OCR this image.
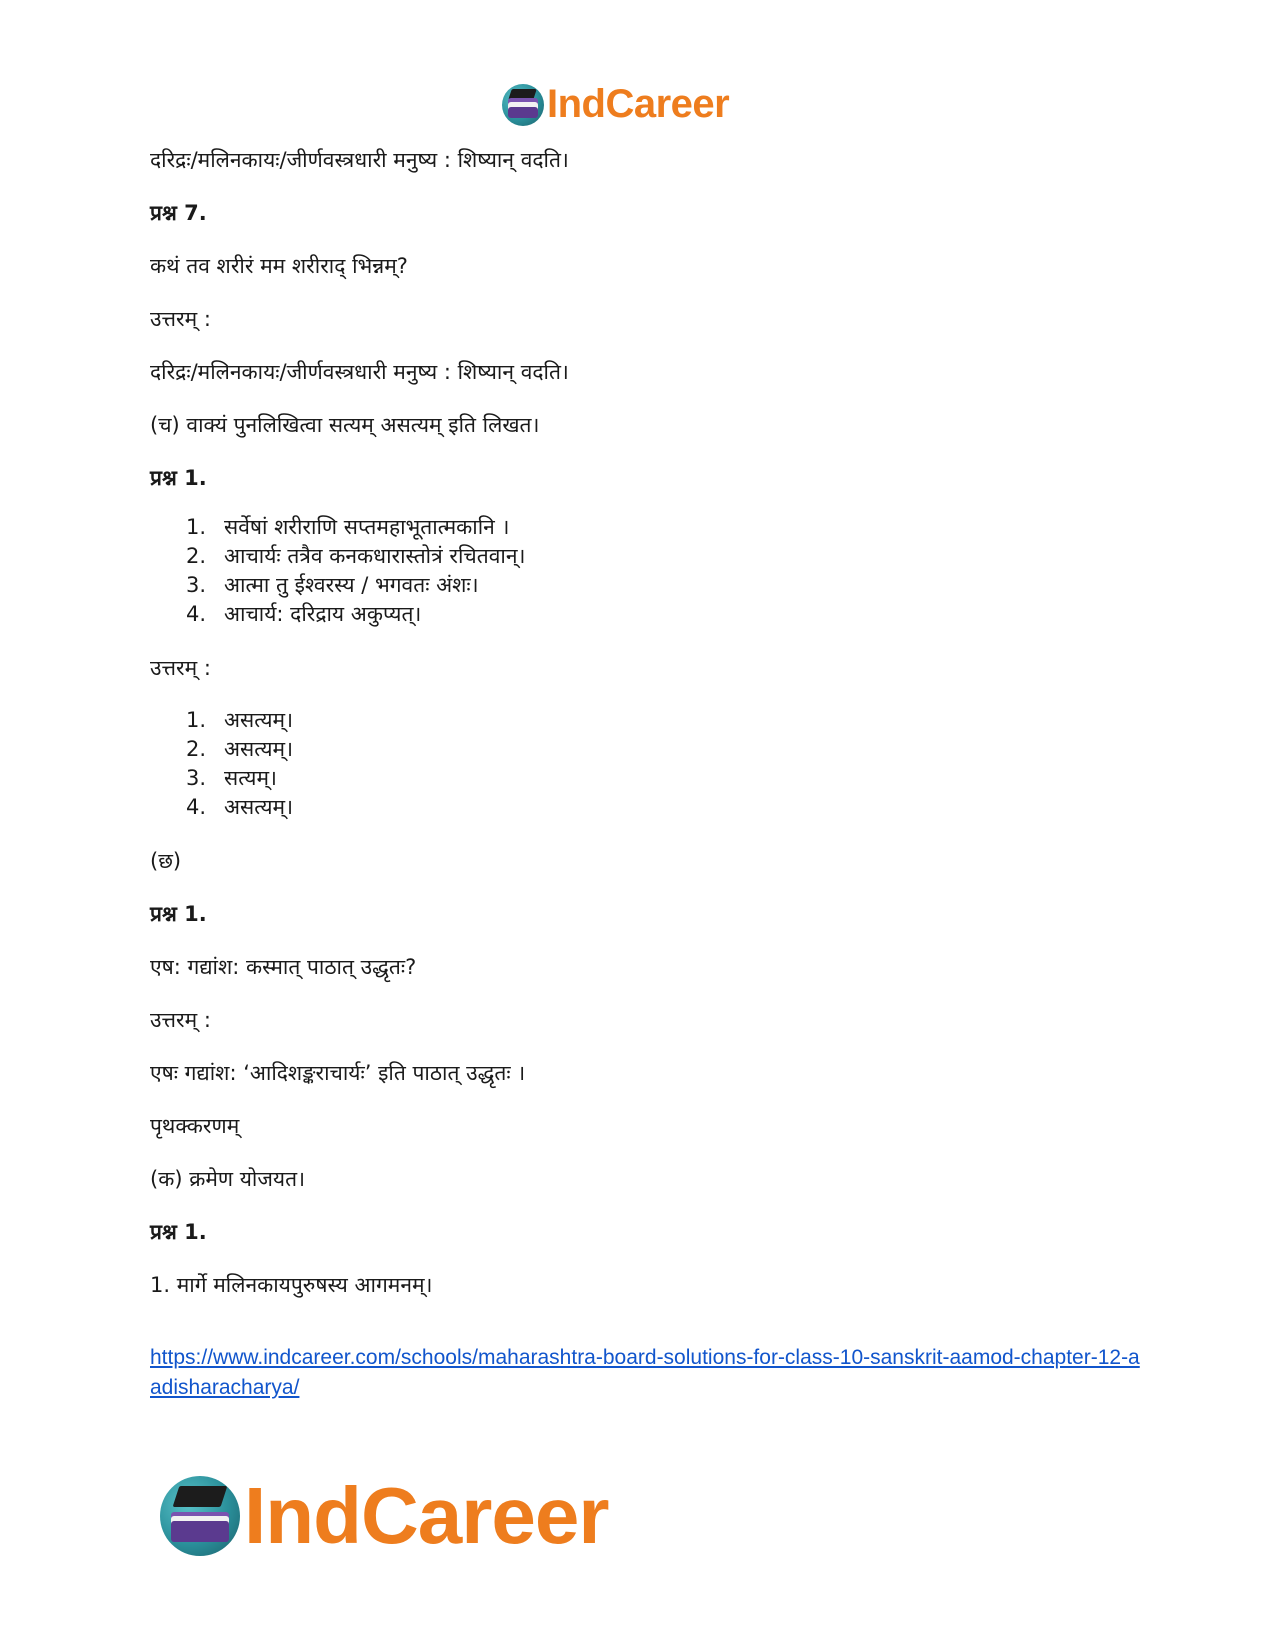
IndCareer
दरिद्रः/मलिनकायः/जीर्णवस्त्रधारी मनुष्य : शिष्यान् वदति।
प्रश्न 7.
कथं तव शरीरं मम शरीराद् भिन्नम्?
उत्तरम् :
दरिद्रः/मलिनकायः/जीर्णवस्त्रधारी मनुष्य : शिष्यान् वदति।
(च) वाक्यं पुनलिखित्वा सत्यम् असत्यम् इति लिखत।
प्रश्न 1.
1. सर्वेषां शरीराणि सप्तमहाभूतात्मकानि ।
2. आचार्यः तत्रैव कनकधारास्तोत्रं रचितवान्।
3. आत्मा तु ईश्वरस्य / भगवतः अंशः।
4. आचार्य: दरिद्राय अकुप्यत्।
उत्तरम् :
1. असत्यम्।
2. असत्यम्।
3. सत्यम्।
4. असत्यम्।
(छ)
प्रश्न 1.
एष: गद्यांश: कस्मात् पाठात् उद्धृतः?
उत्तरम् :
एषः गद्यांश: ‘आदिशङ्कराचार्यः’ इति पाठात् उद्धृतः ।
पृथक्करणम्
(क) क्रमेण योजयत।
प्रश्न 1.
1. मार्गे मलिनकायपुरुषस्य आगमनम्।
https://www.indcareer.com/schools/maharashtra-board-solutions-for-class-10-sanskrit-aamod-chapter-12-aadisharacharya/
IndCareer
